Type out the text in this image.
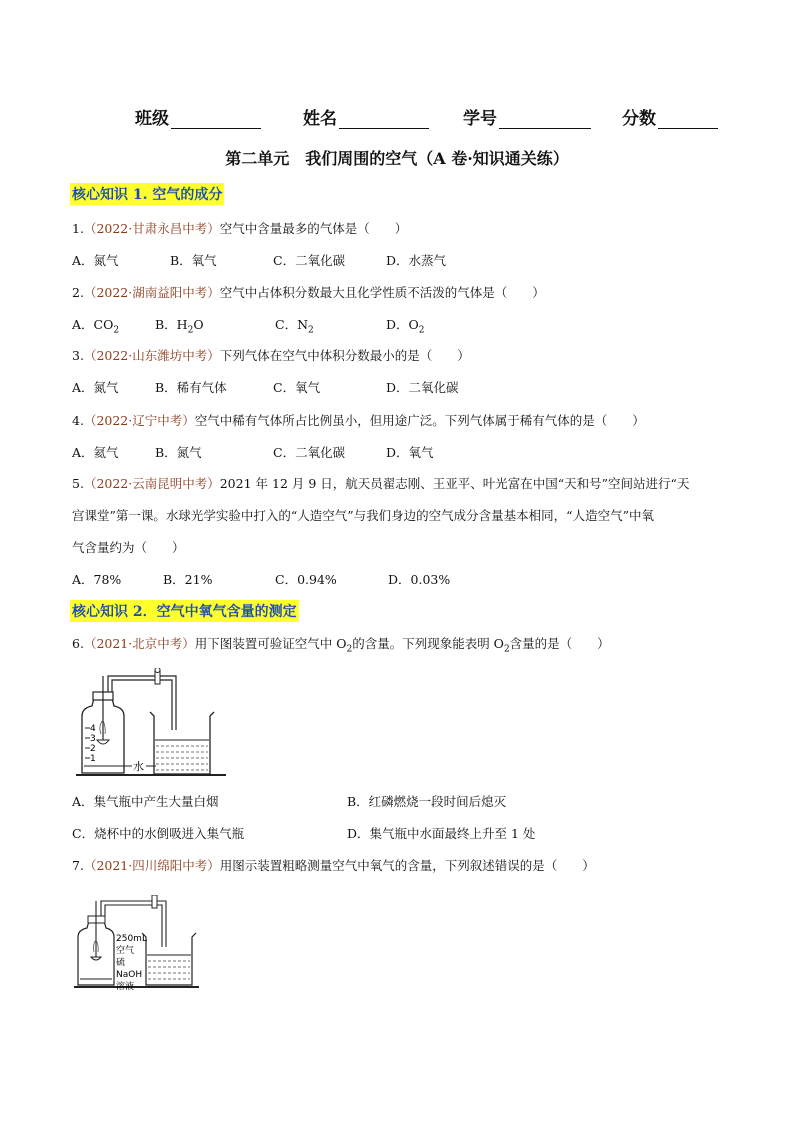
班级	姓名	学号	分数
第二单元　我们周围的空气（A 卷·知识通关练）
核心知识 1. 空气的成分
1.（2022·甘肃永昌中考）空气中含量最多的气体是（　　）
A．氮气	B．氧气	C．二氧化碳	D．水蒸气
2.（2022·湖南益阳中考）空气中占体积分数最大且化学性质不活泼的气体是（　　）
A．$CO_2$	B．$H_2O$	C．$N_2$	D．$O_2$
3.（2022·山东潍坊中考）下列气体在空气中体积分数最小的是（　　）
A．氮气	B．稀有气体	C．氧气	D．二氧化碳
4.（2022·辽宁中考）空气中稀有气体所占比例虽小，但用途广泛。下列气体属于稀有气体的是（　　）
A．氦气	B．氮气	C．二氧化碳	D．氧气
5.（2022·云南昆明中考）2021 年 12 月 9 日，航天员翟志刚、王亚平、叶光富在中国“天和号”空间站进行“天
宫课堂”第一课。水球光学实验中打入的“人造空气”与我们身边的空气成分含量基本相同，“人造空气”中氧
气含量约为（　　）
A．78%	B．21%	C．0.94%	D．0.03%
核心知识 2．空气中氧气含量的测定
6.（2021·北京中考）用下图装置可验证空气中 $O_2$的含量。下列现象能表明 $O_2$含量的是（　　）
4
3
2
1
水
A．集气瓶中产生大量白烟	B．红磷燃烧一段时间后熄灭
C．烧杯中的水倒吸进入集气瓶	D．集气瓶中水面最终上升至 1 处
7.（2021·四川绵阳中考）用图示装置粗略测量空气中氧气的含量，下列叙述错误的是（　　）
250mL
空气
硫
NaOH
溶液
